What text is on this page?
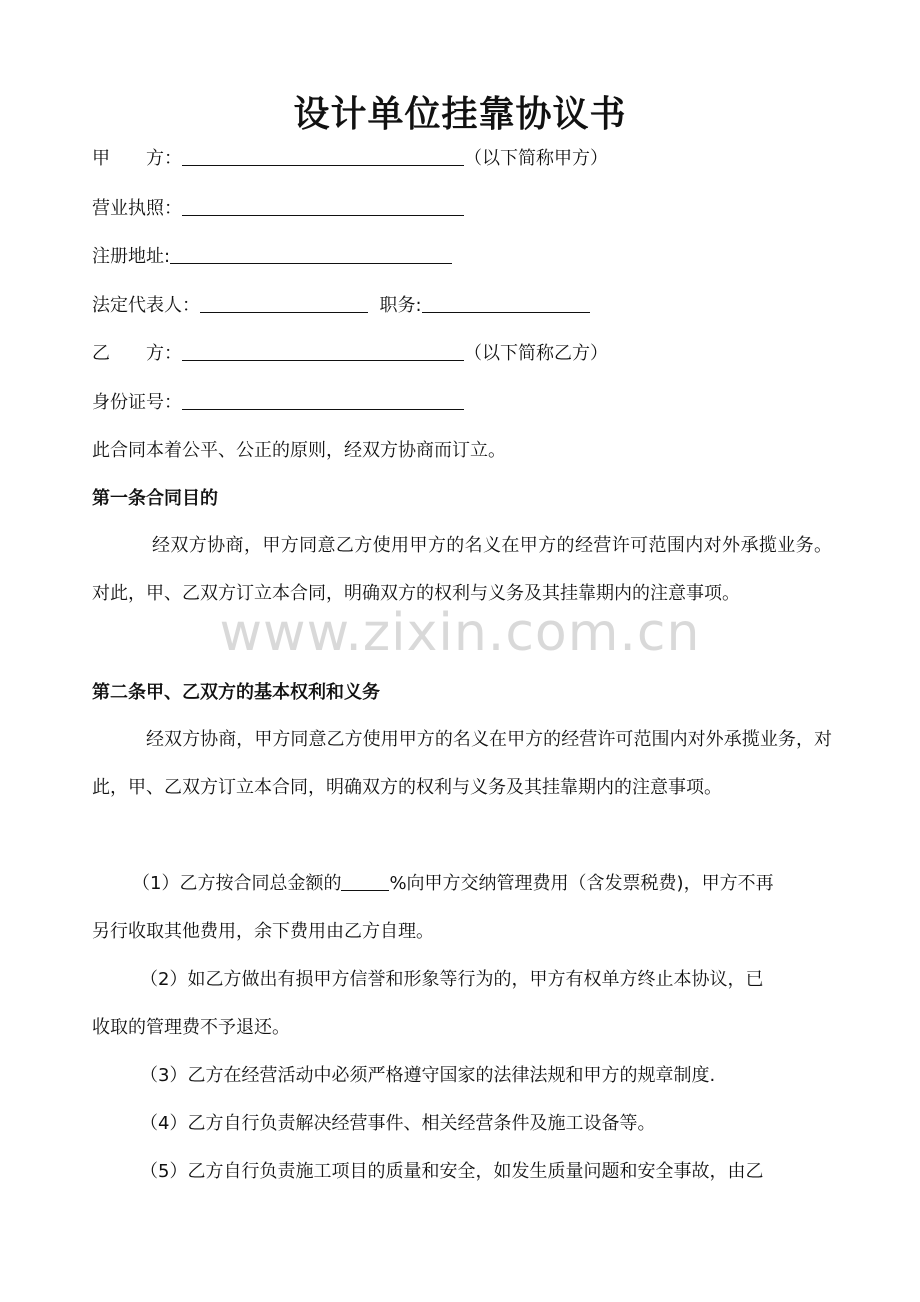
设计单位挂靠协议书
甲　　方：	（以下简称甲方）
营业执照：
注册地址:
法定代表人：	职务:
乙　　方：	（以下简称乙方）
身份证号：
此合同本着公平、公正的原则，经双方协商而订立。
第一条合同目的
经双方协商，甲方同意乙方使用甲方的名义在甲方的经营许可范围内对外承揽业务。对此，甲、乙双方订立本合同，明确双方的权利与义务及其挂靠期内的注意事项。
www.zixin.com.cn
第二条甲、乙双方的基本权利和义务
经双方协商，甲方同意乙方使用甲方的名义在甲方的经营许可范围内对外承揽业务，对此，甲、乙双方订立本合同，明确双方的权利与义务及其挂靠期内的注意事项。
（1）乙方按合同总金额的	%向甲方交纳管理费用（含发票税费)，甲方不再
另行收取其他费用，余下费用由乙方自理。
（2）如乙方做出有损甲方信誉和形象等行为的，甲方有权单方终止本协议，已
收取的管理费不予退还。
（3）乙方在经营活动中必须严格遵守国家的法律法规和甲方的规章制度.
（4）乙方自行负责解决经营事件、相关经营条件及施工设备等。
（5）乙方自行负责施工项目的质量和安全，如发生质量问题和安全事故，由乙
